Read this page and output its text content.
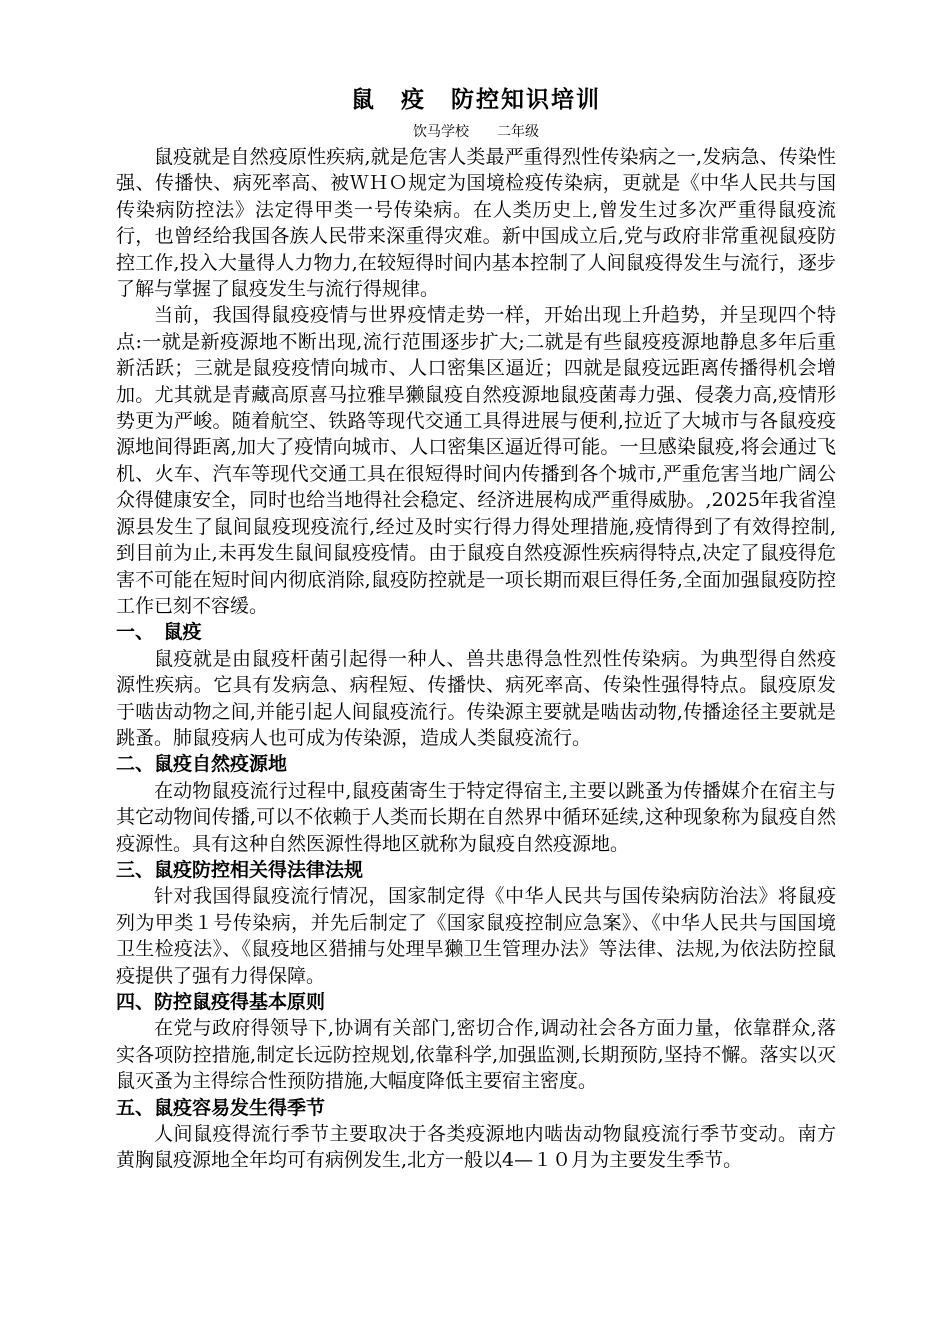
鼠　疫　防控知识培训

饮马学校　　二年级

鼠疫就是自然疫原性疾病,就是危害人类最严重得烈性传染病之一,发病急、传染性强、传播快、病死率高、被ＷＨＯ规定为国境检疫传染病，更就是《中华人民共与国传染病防控法》法定得甲类一号传染病。在人类历史上,曾发生过多次严重得鼠疫流行，也曾经给我国各族人民带来深重得灾难。新中国成立后,党与政府非常重视鼠疫防控工作,投入大量得人力物力,在较短得时间内基本控制了人间鼠疫得发生与流行，逐步了解与掌握了鼠疫发生与流行得规律。

当前，我国得鼠疫疫情与世界疫情走势一样，开始出现上升趋势，并呈现四个特点:一就是新疫源地不断出现,流行范围逐步扩大;二就是有些鼠疫疫源地静息多年后重新活跃；三就是鼠疫疫情向城市、人口密集区逼近；四就是鼠疫远距离传播得机会增加。尤其就是青藏高原喜马拉雅旱獭鼠疫自然疫源地鼠疫菌毒力强、侵袭力高,疫情形势更为严峻。随着航空、铁路等现代交通工具得进展与便利,拉近了大城市与各鼠疫疫源地间得距离,加大了疫情向城市、人口密集区逼近得可能。一旦感染鼠疫,将会通过飞机、火车、汽车等现代交通工具在很短得时间内传播到各个城市,严重危害当地广阔公众得健康安全，同时也给当地得社会稳定、经济进展构成严重得威胁。,2025年我省湟源县发生了鼠间鼠疫现疫流行,经过及时实行得力得处理措施,疫情得到了有效得控制,到目前为止,未再发生鼠间鼠疫疫情。由于鼠疫自然疫源性疾病得特点,决定了鼠疫得危害不可能在短时间内彻底消除,鼠疫防控就是一项长期而艰巨得任务,全面加强鼠疫防控工作已刻不容缓。

一、　鼠疫

鼠疫就是由鼠疫杆菌引起得一种人、兽共患得急性烈性传染病。为典型得自然疫源性疾病。它具有发病急、病程短、传播快、病死率高、传染性强得特点。鼠疫原发于啮齿动物之间,并能引起人间鼠疫流行。传染源主要就是啮齿动物,传播途径主要就是跳蚤。肺鼠疫病人也可成为传染源，造成人类鼠疫流行。

二、鼠疫自然疫源地

在动物鼠疫流行过程中,鼠疫菌寄生于特定得宿主,主要以跳蚤为传播媒介在宿主与其它动物间传播,可以不依赖于人类而长期在自然界中循环延续,这种现象称为鼠疫自然疫源性。具有这种自然医源性得地区就称为鼠疫自然疫源地。

三、鼠疫防控相关得法律法规

针对我国得鼠疫流行情况，国家制定得《中华人民共与国传染病防治法》将鼠疫列为甲类１号传染病，并先后制定了《国家鼠疫控制应急案》、《中华人民共与国国境卫生检疫法》、《鼠疫地区猎捕与处理旱獭卫生管理办法》等法律、法规,为依法防控鼠疫提供了强有力得保障。

四、防控鼠疫得基本原则

在党与政府得领导下,协调有关部门,密切合作,调动社会各方面力量，依靠群众,落实各项防控措施,制定长远防控规划,依靠科学,加强监测,长期预防,坚持不懈。落实以灭鼠灭蚤为主得综合性预防措施,大幅度降低主要宿主密度。

五、鼠疫容易发生得季节

人间鼠疫得流行季节主要取决于各类疫源地内啮齿动物鼠疫流行季节变动。南方黄胸鼠疫源地全年均可有病例发生,北方一般以4—１０月为主要发生季节。
